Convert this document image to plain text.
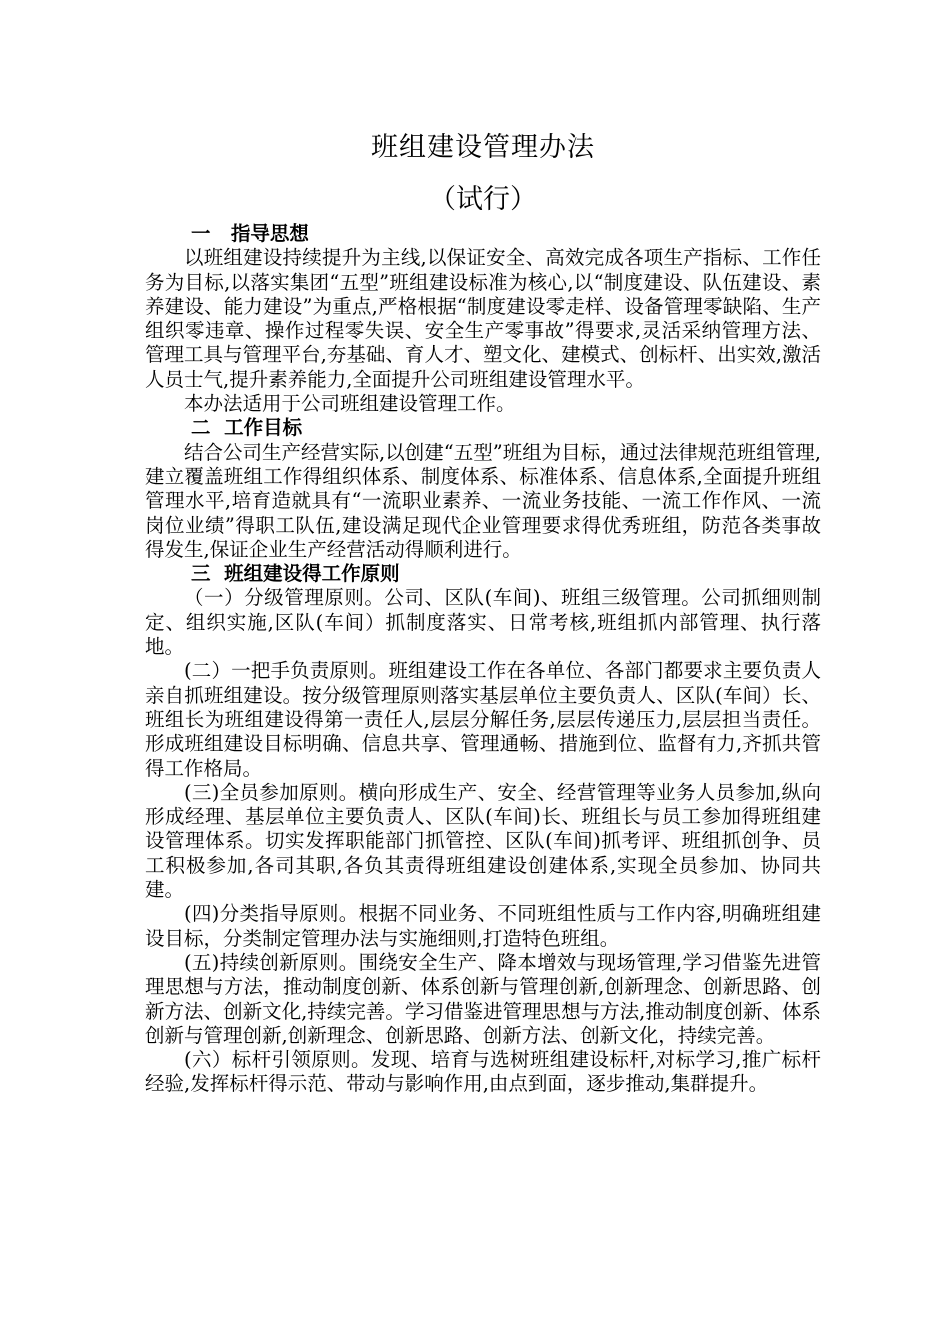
班组建设管理办法
（试行）

一   指导思想

以班组建设持续提升为主线,以保证安全、高效完成各项生产指标、工作任务为目标,以落实集团“五型”班组建设标准为核心,以“制度建设、队伍建设、素养建设、能力建设”为重点,严格根据“制度建设零走样、设备管理零缺陷、生产组织零违章、操作过程零失误、安全生产零事故”得要求,灵活采纳管理方法、管理工具与管理平台,夯基础、育人才、塑文化、建模式、创标杆、出实效,激活人员士气,提升素养能力,全面提升公司班组建设管理水平。

本办法适用于公司班组建设管理工作。

二  工作目标

结合公司生产经营实际,以创建“五型”班组为目标，通过法律规范班组管理,建立覆盖班组工作得组织体系、制度体系、标准体系、信息体系,全面提升班组管理水平,培育造就具有“一流职业素养、一流业务技能、一流工作作风、一流岗位业绩”得职工队伍,建设满足现代企业管理要求得优秀班组，防范各类事故得发生,保证企业生产经营活动得顺利进行。

三  班组建设得工作原则

（一）分级管理原则。公司、区队(车间)、班组三级管理。公司抓细则制定、组织实施,区队(车间）抓制度落实、日常考核,班组抓内部管理、执行落地。

(二）一把手负责原则。班组建设工作在各单位、各部门都要求主要负责人亲自抓班组建设。按分级管理原则落实基层单位主要负责人、区队(车间）长、班组长为班组建设得第一责任人,层层分解任务,层层传递压力,层层担当责任。形成班组建设目标明确、信息共享、管理通畅、措施到位、监督有力,齐抓共管得工作格局。

(三)全员参加原则。横向形成生产、安全、经营管理等业务人员参加,纵向形成经理、基层单位主要负责人、区队(车间)长、班组长与员工参加得班组建设管理体系。切实发挥职能部门抓管控、区队(车间)抓考评、班组抓创争、员工积极参加,各司其职,各负其责得班组建设创建体系,实现全员参加、协同共建。

(四)分类指导原则。根据不同业务、不同班组性质与工作内容,明确班组建设目标，分类制定管理办法与实施细则,打造特色班组。

(五)持续创新原则。围绕安全生产、降本增效与现场管理,学习借鉴先进管理思想与方法，推动制度创新、体系创新与管理创新,创新理念、创新思路、创新方法、创新文化,持续完善。学习借鉴进管理思想与方法,推动制度创新、体系创新与管理创新,创新理念、创新思路、创新方法、创新文化，持续完善。

(六）标杆引领原则。发现、培育与选树班组建设标杆,对标学习,推广标杆经验,发挥标杆得示范、带动与影响作用,由点到面，逐步推动,集群提升。
